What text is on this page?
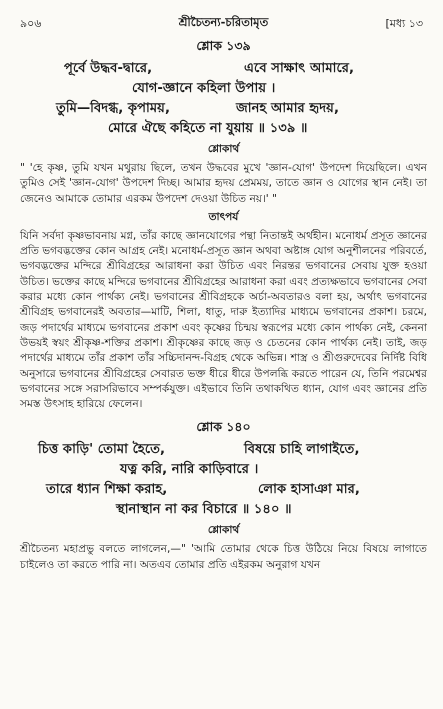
৯০৬	শ্রীচৈতন্য-চরিতামৃত	[মধ্য ১৩
শ্লোক ১৩৯
পূর্বে উদ্ধব-দ্বারে,	এবে সাক্ষাৎ আমারে,
যোগ-জ্ঞানে কহিলা উপায় ।
তুমি—বিদগ্ধ, কৃপাময়,	জানহ আমার হৃদয়,
মোরে ঐছে কহিতে না যুয়ায় ॥ ১৩৯ ॥
শ্লোকার্থ

" 'হে কৃষ্ণ, তুমি যখন মথুরায় ছিলে, তখন উদ্ধবের মুখে 'জ্ঞান-যোগ' উপদেশ দিয়েছিলে। এখন তুমিও সেই 'জ্ঞান-যোগ' উপদেশ দিচ্ছ। আমার হৃদয় প্রেমময়, তাতে জ্ঞান ও যোগের স্থান নেই। তা জেনেও আমাকে তোমার এরকম উপদেশ দেওয়া উচিত নয়।' "

তাৎপর্য

যিনি সর্বদা কৃষ্ণভাবনায় মগ্ন, তাঁর কাছে জ্ঞানযোগের পন্থা নিতান্তই অর্থহীন। মনোধর্ম প্রসূত জ্ঞানের প্রতি ভগবদ্ভক্তের কোন আগ্রহ নেই। মনোধর্ম-প্রসূত জ্ঞান অথবা অষ্টাঙ্গ যোগ অনুশীলনের পরিবর্তে, ভগবদ্ভক্তের মন্দিরে শ্রীবিগ্রহের আরাধনা করা উচিত এবং নিরন্তর ভগবানের সেবায় যুক্ত হওয়া উচিত। ভক্তের কাছে মন্দিরে ভগবানের শ্রীবিগ্রহের আরাধনা করা এবং প্রত্যক্ষভাবে ভগবানের সেবা করার মধ্যে কোন পার্থক্য নেই। ভগবানের শ্রীবিগ্রহকে অর্চা-অবতারও বলা হয়, অর্থাৎ ভগবানের শ্রীবিগ্রহ ভগবানেরই অবতার—মাটি, শিলা, ধাতু, দারু ইত্যাদির মাধ্যমে ভগবানের প্রকাশ। চরমে, জড় পদার্থের মাধ্যমে ভগবানের প্রকাশ এবং কৃষ্ণের চিন্ময় স্বরূপের মধ্যে কোন পার্থক্য নেই, কেননা উভয়ই স্বয়ং শ্রীকৃষ্ণ-শক্তির প্রকাশ। শ্রীকৃষ্ণের কাছে জড় ও চেতনের কোন পার্থক্য নেই। তাই, জড় পদার্থের মাধ্যমে তাঁর প্রকাশ তাঁর সচ্চিদানন্দ-বিগ্রহ থেকে অভিন্ন। শাস্ত্র ও শ্রীগুরুদেবের নির্দিষ্ট বিধি অনুসারে ভগবানের শ্রীবিগ্রহের সেবারত ভক্ত ধীরে ধীরে উপলব্ধি করতে পারেন যে, তিনি পরমেশ্বর ভগবানের সঙ্গে সরাসরিভাবে সম্পর্কযুক্ত। এইভাবে তিনি তথাকথিত ধ্যান, যোগ এবং জ্ঞানের প্রতি সমস্ত উৎসাহ হারিয়ে ফেলেন।

শ্লোক ১৪০
চিত্ত কাড়ি' তোমা হৈতে,	বিষয়ে চাহি লাগাইতে,
যত্ন করি, নারি কাড়িবারে ।
তারে ধ্যান শিক্ষা করাহ,	লোক হাসাঞা মার,
স্থানাস্থান না কর বিচারে ॥ ১৪০ ॥
শ্লোকার্থ

শ্রীচৈতন্য মহাপ্রভু বলতে লাগলেন,—" 'আমি তোমার থেকে চিত্ত উঠিয়ে নিয়ে বিষয়ে লাগাতে চাইলেও তা করতে পারি না। অতএব তোমার প্রতি এইরকম অনুরাগ যখন
